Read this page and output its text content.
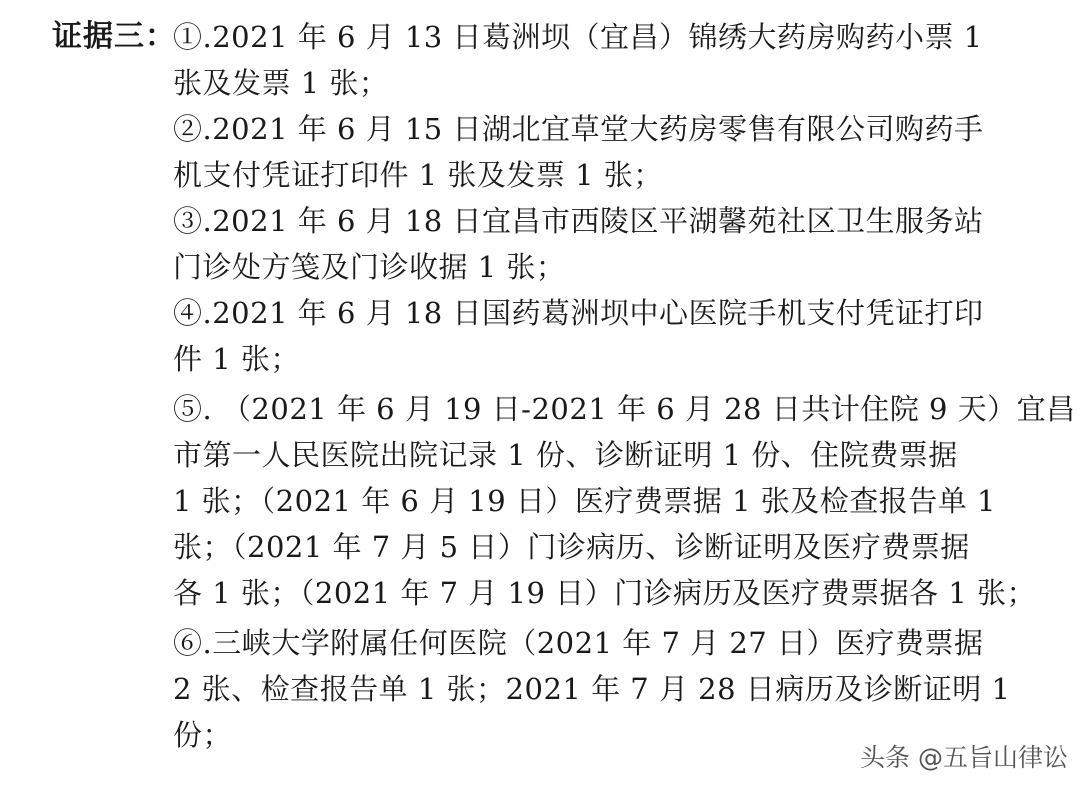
证据三：
①.2021 年 6 月 13 日葛洲坝（宜昌）锦绣大药房购药小票 1
张及发票 1 张；
②.2021 年 6 月 15 日湖北宜草堂大药房零售有限公司购药手
机支付凭证打印件 1 张及发票 1 张；
③.2021 年 6 月 18 日宜昌市西陵区平湖馨苑社区卫生服务站
门诊处方笺及门诊收据 1 张；
④.2021 年 6 月 18 日国药葛洲坝中心医院手机支付凭证打印
件 1 张；
⑤. （2021 年 6 月 19 日-2021 年 6 月 28 日共计住院 9 天）宜昌
市第一人民医院出院记录 1 份、诊断证明 1 份、住院费票据
1 张；（2021 年 6 月 19 日）医疗费票据 1 张及检查报告单 1
张；（2021 年 7 月 5 日）门诊病历、诊断证明及医疗费票据
各 1 张；（2021 年 7 月 19 日）门诊病历及医疗费票据各 1 张；
⑥.三峡大学附属任何医院（2021 年 7 月 27 日）医疗费票据
2 张、检查报告单 1 张；2021 年 7 月 28 日病历及诊断证明 1
份；
头条 @五旨山律讼
